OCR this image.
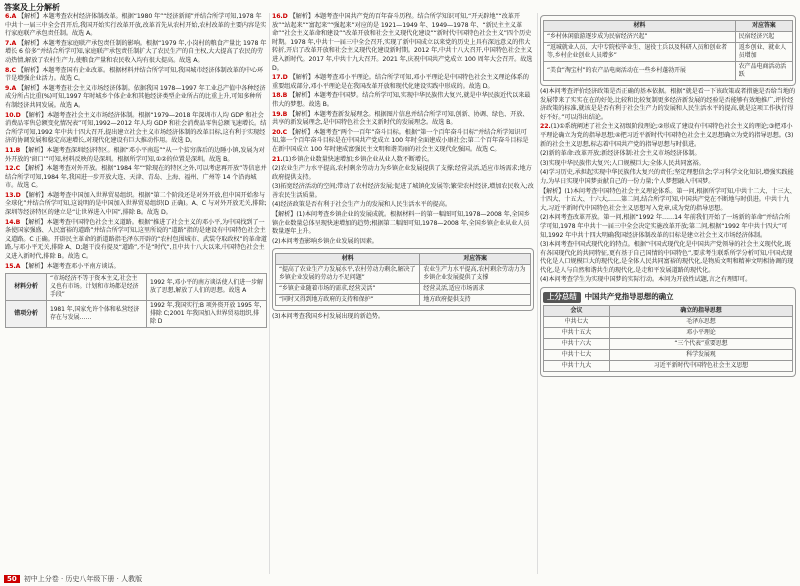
答案及上分解析
6.A 【解析】本题考查农村经济体制改革。根据“1980 年”“经济新闻”并结合所学可知,1978 年中共十一届三中全会召开后,我国开始实行改革开放,改革首先从农村开始,农村改革的主要内容是实行家庭联产承包责任制。故选 A。
7.A 【解析】本题考查家庭联产承包责任制的影响。根据“1979 年,小岗村的粮食产量比 1978 年增长 6 倍多”并结合所学可知,家庭联产承包责任制扩大了农民生产的自主权,大大提高了农民的劳动热情,解放了农村生产力,使粮食产量和农民收入均有很大提高。故选 A。
8.C 【解析】本题考查国有企业改革。根据材料并结合所学可知,我国城市经济体制改革的中心环节是增强企业活力。故选 C。
9.A 【解析】本题考查社会主义市场经济体制。依据我国 1978—1997 年工业总产值中各种经济成分所占比重(%)可知,1997 年时城乡个体企业和其他经济类型企业所占的比重上升,可知多种所有制经济共同发展。故选 A。
10.D 【解析】本题考查社会主义市场经济体制。根据“1979—2018 年深圳市人均 GDP 和社会消费品零售总额变化情况表”可知,1992—2012 年人均 GDP 和社会消费品零售总额飞速增长。结合所学可知,1992 年中共十四大召开,提出建立社会主义市场经济体制的改革目标,这有利于实现经济的协调发展和稳定高速增长,对现代化建设有巨大推动作用。故选 D。
11.B 【解析】本题考查深圳经济特区。根据“邓小平南巡”“从一个贫穷落后的边陲小镇,发展为对外开放的‘窗口’”可知,材料反映的是深圳。根据所学可知,①②的位置是深圳。故选 B。
12.C 【解析】本题考查对外开放。根据“1984 年”“除现在的特区之外,可以考虑再开放”等信息并结合所学可知,1984 年,我国进一步开放大连、天津、青岛、上海、福州、广州等 14 个沿海城市。故选 C。
13.D 【解析】本题考查中国加入世界贸易组织。根据“第二个阶段还是对外开放,但中国开始参与全球化”并结合所学可知,这说明的是中国加入世界贸易组织(D 正确)。A、C 与对外开放无关,排除;深圳等经济特区的建立是“让世界进入中国”,排除 B。故选 D。
14.B 【解析】本题考查中国特色社会主义道路。根据“推进了社会主义的邓小平,为中国找到了一条使国家强盛、人民富裕的道路”并结合所学可知,这里所说的“道路”指的是建设有中国特色社会主义道路。C 正确。开辟民主革命的新道路指毛泽东开辟的“农村包围城市、武装夺取政权”的革命道路,与邓小平无关,排除 A、D;题干没有提及“道路”,不是“时代”,且中共十八大以来,中国特色社会主义进入新时代,排除 B。故选 C。
15.A 【解析】本题考查邓小平南方谈话。
材料分析	“市场经济不等于资本主义,社会主义也有市场。计划和市场都是经济手段”	1992 年,邓小平的南方谈话使人们进一步解放了思想,解放了人们的思想。故选 A
错项分析	1981 年,国家允许个体和私营经济存在与发展……	1992 年,我国实行;B 项外资开放 1995 年,排除 C;2001 年我国加入世界贸易组织,排除 D
16.D 【解析】本题考查中国共产党的百年奋斗历程。结合所学知识可知,“开天辟地”“改革开放”“站起来”“富起来”“强起来”对应的是 1921—1949 年、1949—1978 年、“新民主主义革命”“社会主义革命和建设”“改革开放和社会主义现代化建设”“新时代中国特色社会主义”四个历史时期。1978 年,中共十一届三中全会召开,实现了新中国成立以来党的历史上具有深远意义的伟大转折,开启了改革开放和社会主义现代化建设新时期。2012 年,中共十八大召开,中国特色社会主义进入新时代。2017 年,中共十九大召开。2021 年,庆祝中国共产党成立 100 周年大会召开。故选 D。
17.D 【解析】本题考查邓小平理论。结合所学可知,邓小平理论是中国特色社会主义理论体系的重要组成部分,邓小平理论是在我国改革开放和现代化建设实践中形成的。故选 D。
18.B 【解析】本题考查中国梦。结合所学可知,实现中华民族伟大复兴,就是中华民族近代以来最伟大的梦想。故选 B。
19.B 【解析】本题考查新发展理念。根据图片信息并结合所学可知,创新、协调、绿色、开放、共享的新发展理念,是中国特色社会主义新时代的发展理念。故选 B。
20.C 【解析】本题考查“两个一百年”奋斗目标。根据“第一个百年奋斗目标”并结合所学知识可知,第一个百年奋斗目标是在中国共产党成立 100 年时全面建成小康社会;第二个百年奋斗目标是在新中国成立 100 年时建成富强民主文明和谐美丽的社会主义现代化强国。故选 C。
21.(1)乡镇企业数量快速增加;乡镇企业从业人数不断增长。
(2)农业生产力水平提高,农村剩余劳动力为乡镇企业发展提供了支撑;经营灵活,适应市场需求;地方政府提供支持。
(3)拓宽经济活动的空间;带动了农村经济发展;促进了城镇化发展等;繁荣农村经济,增加农民收入;改善农民生活质量。
(4)经济政策是否有利于社会生产力的发展和人民生活水平的提高。
【解析】(1)本问考查乡镇企业的发展成就。根据材料一的第一幅图可知,1978—2008 年,全国乡镇企业数量总体呈现快速增加的趋势;根据第二幅图可知,1978—2008 年,全国乡镇企业从业人员数量逐年上升。
(2)本问考查影响乡镇企业发展的因素。
材料	对应答案
“提高了农业生产力发展水平,农村劳动力剩余,解决了乡镇企业发展的劳动力不足问题”	农业生产力水平提高,农村剩余劳动力为乡镇企业发展提供了支撑
“乡镇企业随着市场的需求,经营灵活”	经营灵活,适应市场需求
“同时又得到地方政府的支持和保护”	地方政府提供支持
(3)本问考查我国乡村发展出现的新趋势。
材料	对应答案
“乡村休闲旅游逐步成为民宿经济兴起”	民宿经济兴起
“返城就业人员、大中专院校毕业生、退役士兵以及科研人员和创业者等,乡村企业创业人员增多”	返乡创业、就业人员增加
“美食”淘宝村”的农产品电商活动在一些乡村蓬勃开展	农产品电商活动活跃
(4)本问考查评价经济政策是否正确的基本依据。根据“就是看一下该政策或者措施是否给当地的发展带来了实实在在的好处,比较和比较复制更多经济新发展的经验是否能够有效地推广,评价经济政策的标准,就该是是否有利于社会生产力的发展和人民生活水平的提高,就是这项工作执行得好不好。”可以得出结论。
22.(1)①系统阐述了社会主义初级阶段理论;②形成了建设有中国特色社会主义的理论;③把邓小平理论确立为党的指导思想;④把习近平新时代中国特色社会主义思想确立为党的指导思想。(3)新的社会主义思想,标志着中国共产党的指导思想与时俱进。
(2)新的革命:改革开放;新经济体制:社会主义市场经济体制。
(3)实现中华民族伟大复兴;人口规模巨大;全体人民共同富裕。
(4)学习历史,承担起实现中华民族伟大复兴的责任;坚定理想信念;学习科学文化知识,增强实践能力,为早日实现中国梦贡献自己的一份力量;个人梦想融入中国梦。
【解析】(1)本问考查中国特色社会主义理论体系。第一问,根据所学可知,中共十二大、十三大、十四大、十五大、十六大,……第二问,结合所学可知,中国共产党在不断地与时俱进。中共十九大,习近平新时代中国特色社会主义思想写入党章,成为党的指导思想。
(2)本问考查改革开放。第一问,根据“1992 年……14 年前我们开始了一场新的革命”并结合所学可知,1978 年中共十一届三中全会决定实施改革开放;第二问,根据“1992 年中共十四大”可知,1992 年中共十四大明确我国经济体制改革的目标是建立社会主义市场经济体制。
(3)本问考查中国式现代化的特点。根据“中国式现代化是中国共产党领导的社会主义现代化,既有各国现代化的共同特征,更有基于自己国情的中国特色”,要求考生联系所学分析可知,中国式现代化是人口规模巨大的现代化,是全体人民共同富裕的现代化,是物质文明和精神文明相协调的现代化,是人与自然和谐共生的现代化,是走和平发展道路的现代化。
(4)本问考查学生为实现中国梦的实际行动。本问为开放性试题,言之有理即可。
上分总结	中国共产党指导思想的确立
会议	确立的指导思想
中共七大	毛泽东思想
中共十五大	邓小平理论
中共十六大	“三个代表”重要思想
中共十七大	科学发展观
中共十九大	习近平新时代中国特色社会主义思想
50	初中上分卷 · 历史八年级下册 · 人教版
